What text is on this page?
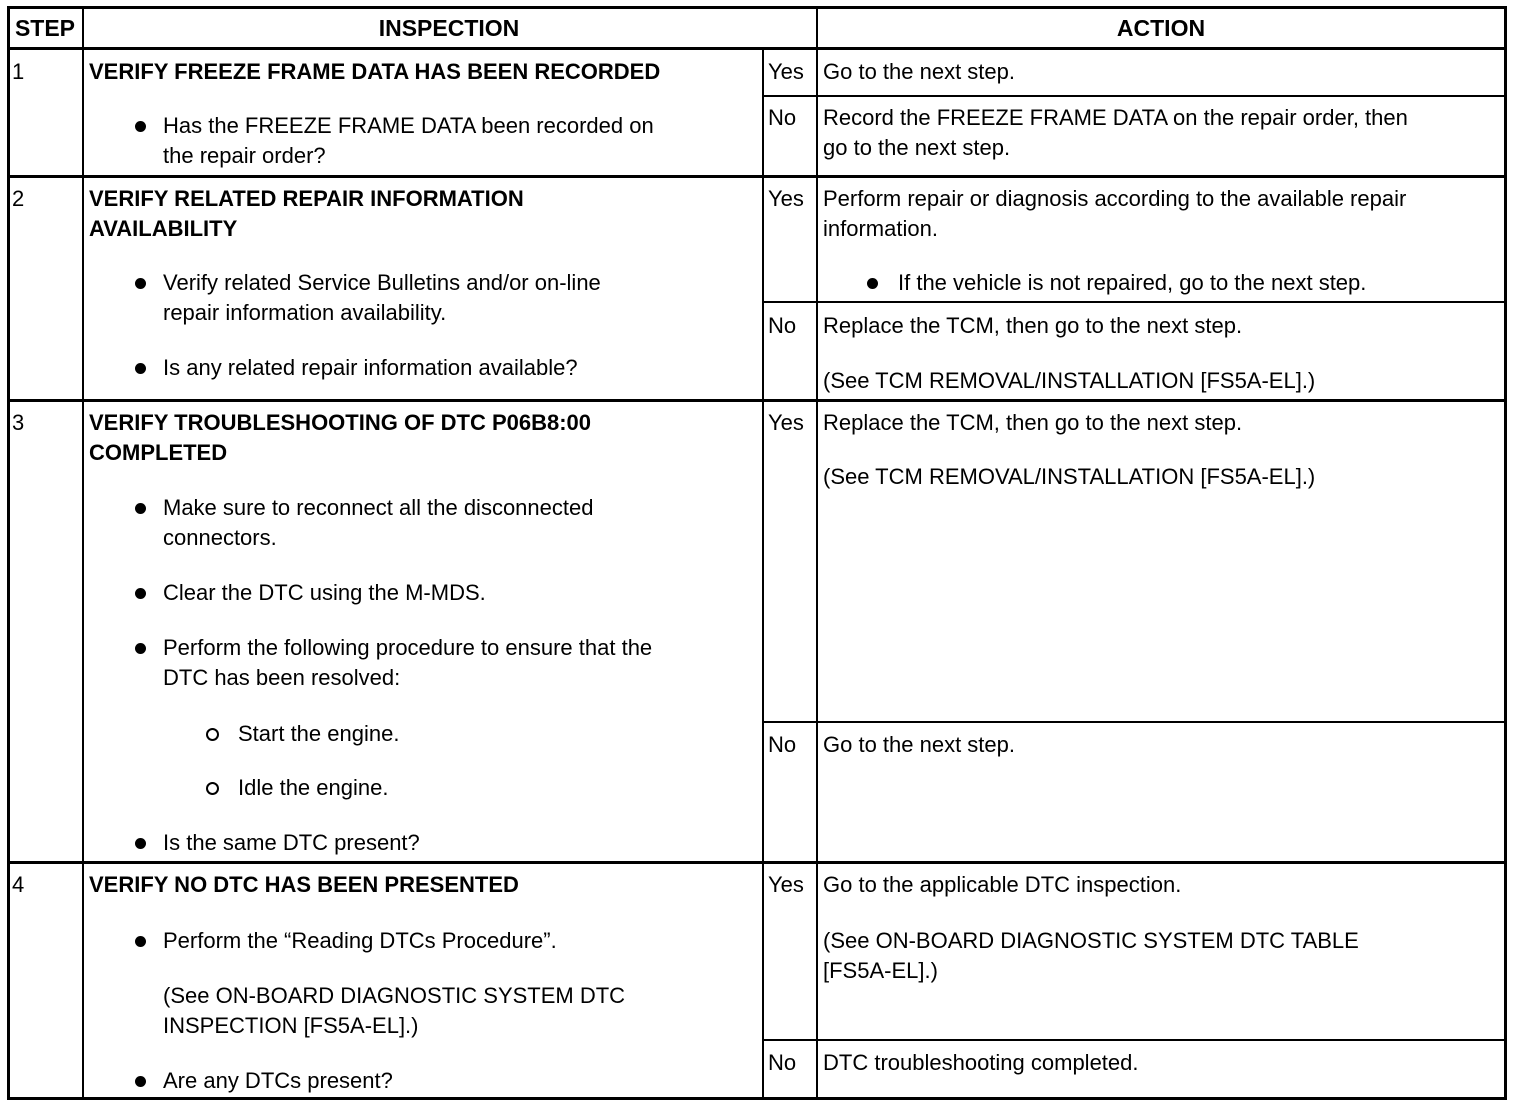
STEP	INSPECTION	ACTION
1	VERIFY FREEZE FRAME DATA HAS BEEN RECORDED
Has the FREEZE FRAME DATA been recorded on
the repair order?
Yes Go to the next step.
No Record the FREEZE FRAME DATA on the repair order, then
go to the next step.
2	VERIFY RELATED REPAIR INFORMATION
AVAILABILITY
Verify related Service Bulletins and/or on-line
repair information availability.
Is any related repair information available?
Yes Perform repair or diagnosis according to the available repair
information.
If the vehicle is not repaired, go to the next step.
No Replace the TCM, then go to the next step.
(See TCM REMOVAL/INSTALLATION [FS5A-EL].)
3	VERIFY TROUBLESHOOTING OF DTC P06B8:00
COMPLETED
Make sure to reconnect all the disconnected
connectors.
Clear the DTC using the M-MDS.
Perform the following procedure to ensure that the
DTC has been resolved:
Start the engine.
Idle the engine.
Is the same DTC present?
Yes Replace the TCM, then go to the next step.
(See TCM REMOVAL/INSTALLATION [FS5A-EL].)
No Go to the next step.
4	VERIFY NO DTC HAS BEEN PRESENTED
Perform the “Reading DTCs Procedure”.
(See ON-BOARD DIAGNOSTIC SYSTEM DTC
INSPECTION [FS5A-EL].)
Are any DTCs present?
Yes Go to the applicable DTC inspection.
(See ON-BOARD DIAGNOSTIC SYSTEM DTC TABLE
[FS5A-EL].)
No DTC troubleshooting completed.
